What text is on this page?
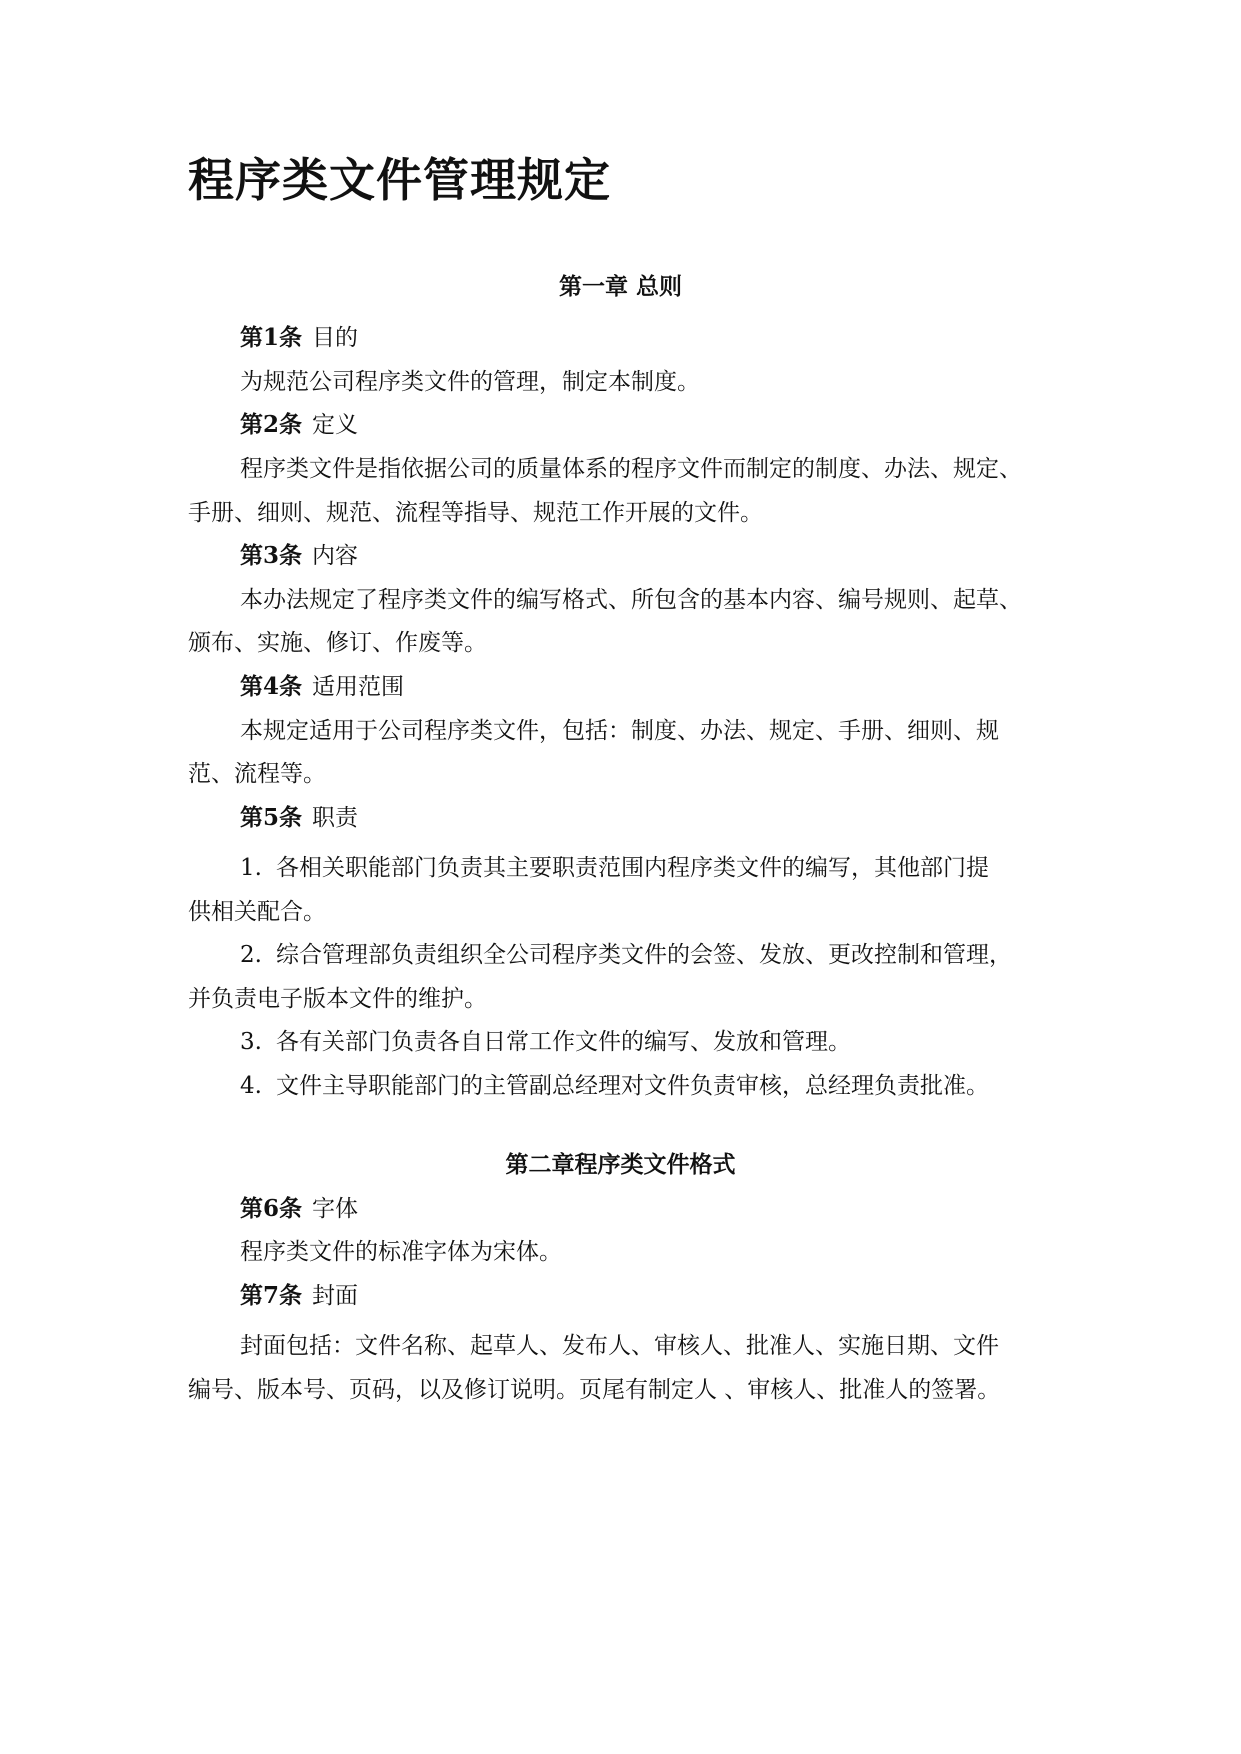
程序类文件管理规定
第一章 总则
第1条 目的
为规范公司程序类文件的管理，制定本制度。
第2条 定义
程序类文件是指依据公司的质量体系的程序文件而制定的制度、办法、规定、
手册、细则、规范、流程等指导、规范工作开展的文件。
第3条 内容
本办法规定了程序类文件的编写格式、所包含的基本内容、编号规则、起草、
颁布、实施、修订、作废等。
第4条 适用范围
本规定适用于公司程序类文件，包括：制度、办法、规定、手册、细则、规
范、流程等。
第5条 职责
1. 各相关职能部门负责其主要职责范围内程序类文件的编写，其他部门提
供相关配合。
2. 综合管理部负责组织全公司程序类文件的会签、发放、更改控制和管理，
并负责电子版本文件的维护。
3. 各有关部门负责各自日常工作文件的编写、发放和管理。
4. 文件主导职能部门的主管副总经理对文件负责审核，总经理负责批准。
第二章程序类文件格式
第6条 字体
程序类文件的标准字体为宋体。
第7条 封面
封面包括：文件名称、起草人、发布人、审核人、批准人、实施日期、文件
编号、版本号、页码，以及修订说明。页尾有制定人 、审核人、批准人的签署。
